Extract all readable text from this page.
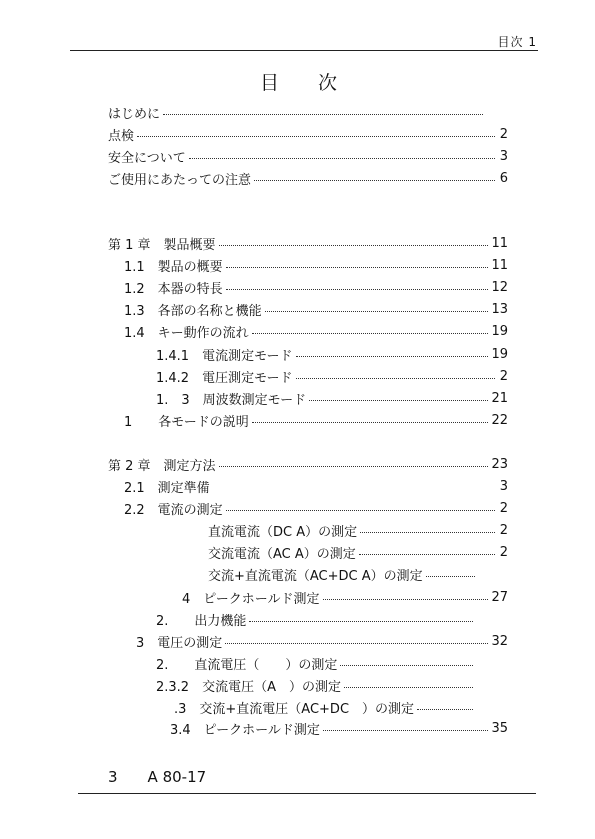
目次 1
目　次
はじめに
点検	2
安全について	3
ご使用にあたっての注意	6
第 1 章　製品概要	11
1.1　製品の概要	11
1.2　本器の特長	12
1.3　各部の名称と機能	13
1.4　キー動作の流れ	19
1.4.1　電流測定モード	19
1.4.2　電圧測定モード	2
1.　3　周波数測定モード	21
1　　各モードの説明	22
第 2 章　測定方法	23
2.1　測定準備	3
2.2　電流の測定	2
直流電流（DC A）の測定	2
交流電流（AC A）の測定	2
交流+直流電流（AC+DC A）の測定
4　ピークホールド測定	27
2.　　出力機能
3　電圧の測定	32
2.　　直流電圧（　　）の測定
2.3.2　交流電圧（A　）の測定
.3　交流+直流電圧（AC+DC　）の測定
3.4　ピークホールド測定	35
3　　A 80-17
